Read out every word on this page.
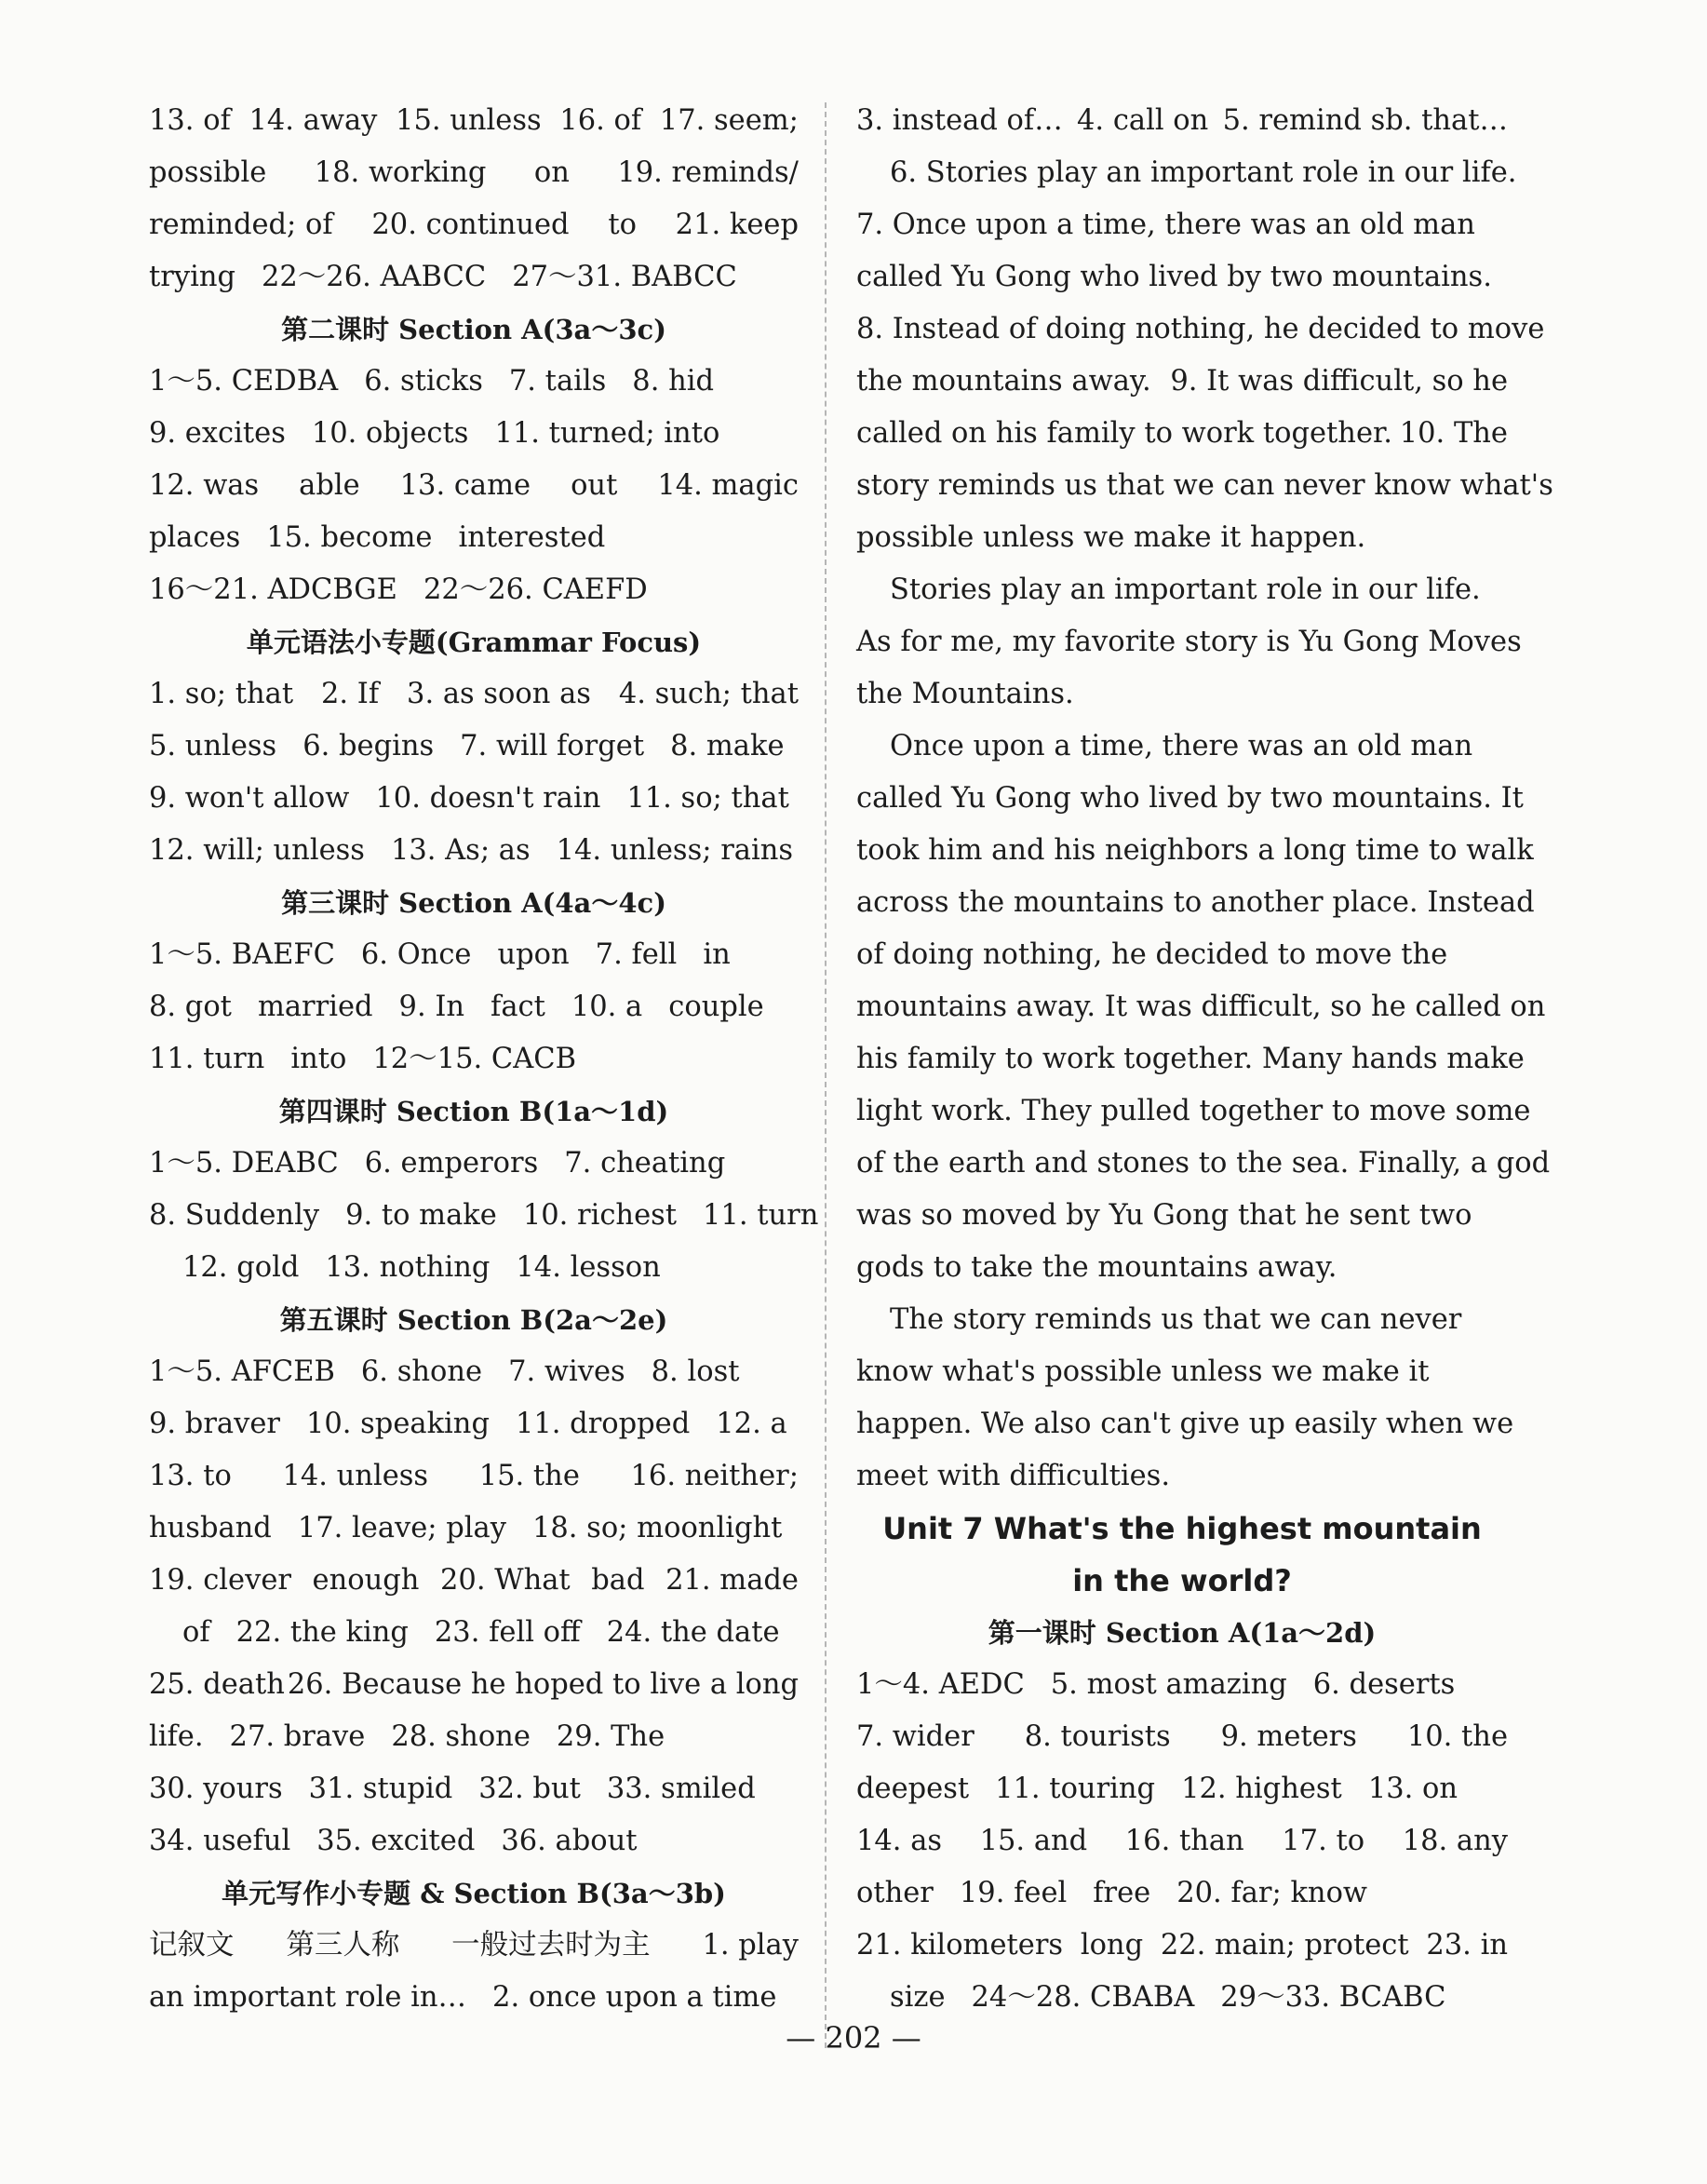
13. of 14. away 15. unless 16. of 17. seem;
possible 18. working on 19. reminds/
reminded; of 20. continued to 21. keep
trying 22～26. AABCC 27～31. BABCC
第二课时 Section A(3a～3c)
1～5. CEDBA 6. sticks 7. tails 8. hid
9. excites 10. objects 11. turned; into
12. was able 13. came out 14. magic
places 15. become interested
16～21. ADCBGE 22～26. CAEFD
单元语法小专题(Grammar Focus)
1. so; that 2. If 3. as soon as 4. such; that
5. unless 6. begins 7. will forget 8. make
9. won't allow 10. doesn't rain 11. so; that
12. will; unless 13. As; as 14. unless; rains
第三课时 Section A(4a～4c)
1～5. BAEFC 6. Once upon 7. fell in
8. got married 9. In fact 10. a couple
11. turn into 12～15. CACB
第四课时 Section B(1a～1d)
1～5. DEABC 6. emperors 7. cheating
8. Suddenly 9. to make 10. richest 11. turn
12. gold 13. nothing 14. lesson
第五课时 Section B(2a～2e)
1～5. AFCEB 6. shone 7. wives 8. lost
9. braver 10. speaking 11. dropped 12. a
13. to 14. unless 15. the 16. neither;
husband 17. leave; play 18. so; moonlight
19. clever enough 20. What bad 21. made
of 22. the king 23. fell off 24. the date
25. death 26. Because he hoped to live a long
life. 27. brave 28. shone 29. The
30. yours 31. stupid 32. but 33. smiled
34. useful 35. excited 36. about
单元写作小专题 & Section B(3a～3b)
记叙文 第三人称 一般过去时为主 1. play
an important role in… 2. once upon a time
3. instead of… 4. call on 5. remind sb. that…
6. Stories play an important role in our life.
7. Once upon a time, there was an old man
called Yu Gong who lived by two mountains.
8. Instead of doing nothing, he decided to move
the mountains away. 9. It was difficult, so he
called on his family to work together. 10. The
story reminds us that we can never know what's
possible unless we make it happen.
Stories play an important role in our life.
As for me, my favorite story is Yu Gong Moves
the Mountains.
Once upon a time, there was an old man
called Yu Gong who lived by two mountains. It
took him and his neighbors a long time to walk
across the mountains to another place. Instead
of doing nothing, he decided to move the
mountains away. It was difficult, so he called on
his family to work together. Many hands make
light work. They pulled together to move some
of the earth and stones to the sea. Finally, a god
was so moved by Yu Gong that he sent two
gods to take the mountains away.
The story reminds us that we can never
know what's possible unless we make it
happen. We also can't give up easily when we
meet with difficulties.
Unit 7 What's the highest mountain
in the world?
第一课时 Section A(1a～2d)
1～4. AEDC 5. most amazing 6. deserts
7. wider 8. tourists 9. meters 10. the
deepest 11. touring 12. highest 13. on
14. as 15. and 16. than 17. to 18. any
other 19. feel free 20. far; know
21. kilometers long 22. main; protect 23. in
size 24～28. CBABA 29～33. BCABC
— 202 —
